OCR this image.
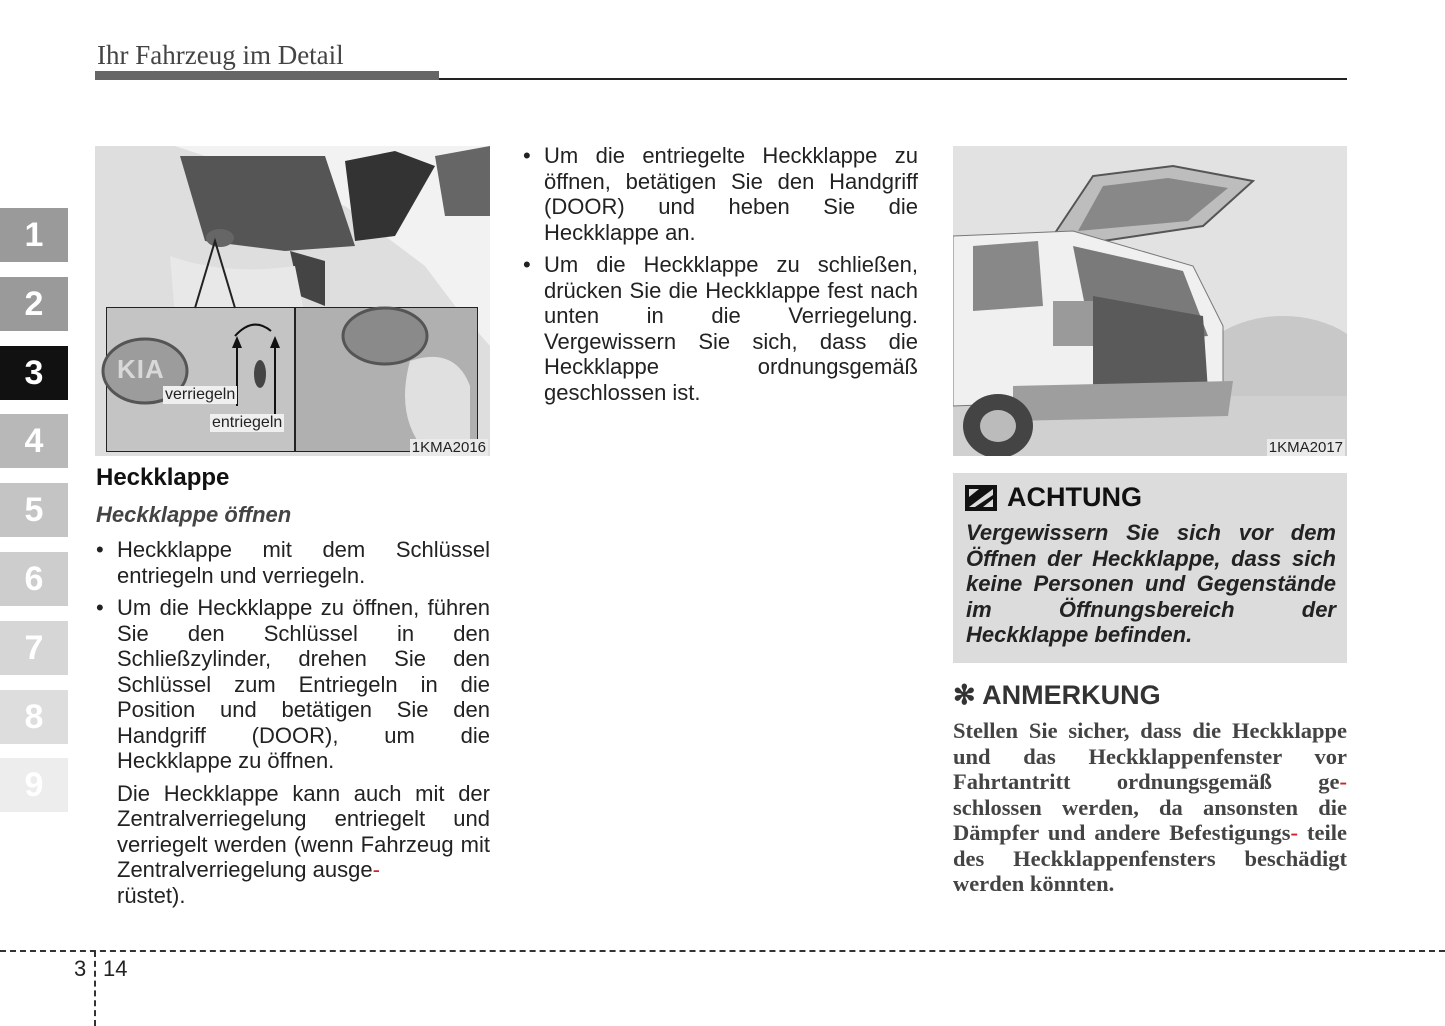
Ihr Fahrzeug im Detail
1
2
3
4
5
6
7
8
9
verriegeln
entriegeln
KIA
1KMA2016	1KMA2017
Heckklappe
Heckklappe öffnen
• Heckklappe mit dem Schlüssel entriegeln und verriegeln.
• Um die Heckklappe zu öffnen, führen Sie den Schlüssel in den Schließzylinder, drehen Sie den Schlüssel zum Entriegeln in die Position und betätigen Sie den Handgriff (DOOR), um die Heckklappe zu öffnen.
Die Heckklappe kann auch mit der Zentralverriegelung entriegelt und verriegelt werden (wenn Fahrzeug mit Zentralverriegelung ausge-
rüstet).
• Um die entriegelte Heckklappe zu öffnen, betätigen Sie den Handgriff (DOOR) und heben Sie die Heckklappe an.
• Um die Heckklappe zu schließen, drücken Sie die Heckklappe fest nach unten in die Verriegelung. Vergewissern Sie sich, dass die Heckklappe ordnungsgemäß geschlossen ist.
ACHTUNG
Vergewissern Sie sich vor dem Öffnen der Heckklappe, dass sich keine Personen und Gegenstände im Öffnungsbereich der Heckklappe befinden.
✻ ANMERKUNG
Stellen Sie sicher, dass die Heckklappe und das Heckklappenfenster vor Fahrtantritt ordnungsgemäß ge- schlossen werden, da ansonsten die Dämpfer und andere Befestigungs- teile des Heckklappenfensters beschädigt werden könnten.
3 14
